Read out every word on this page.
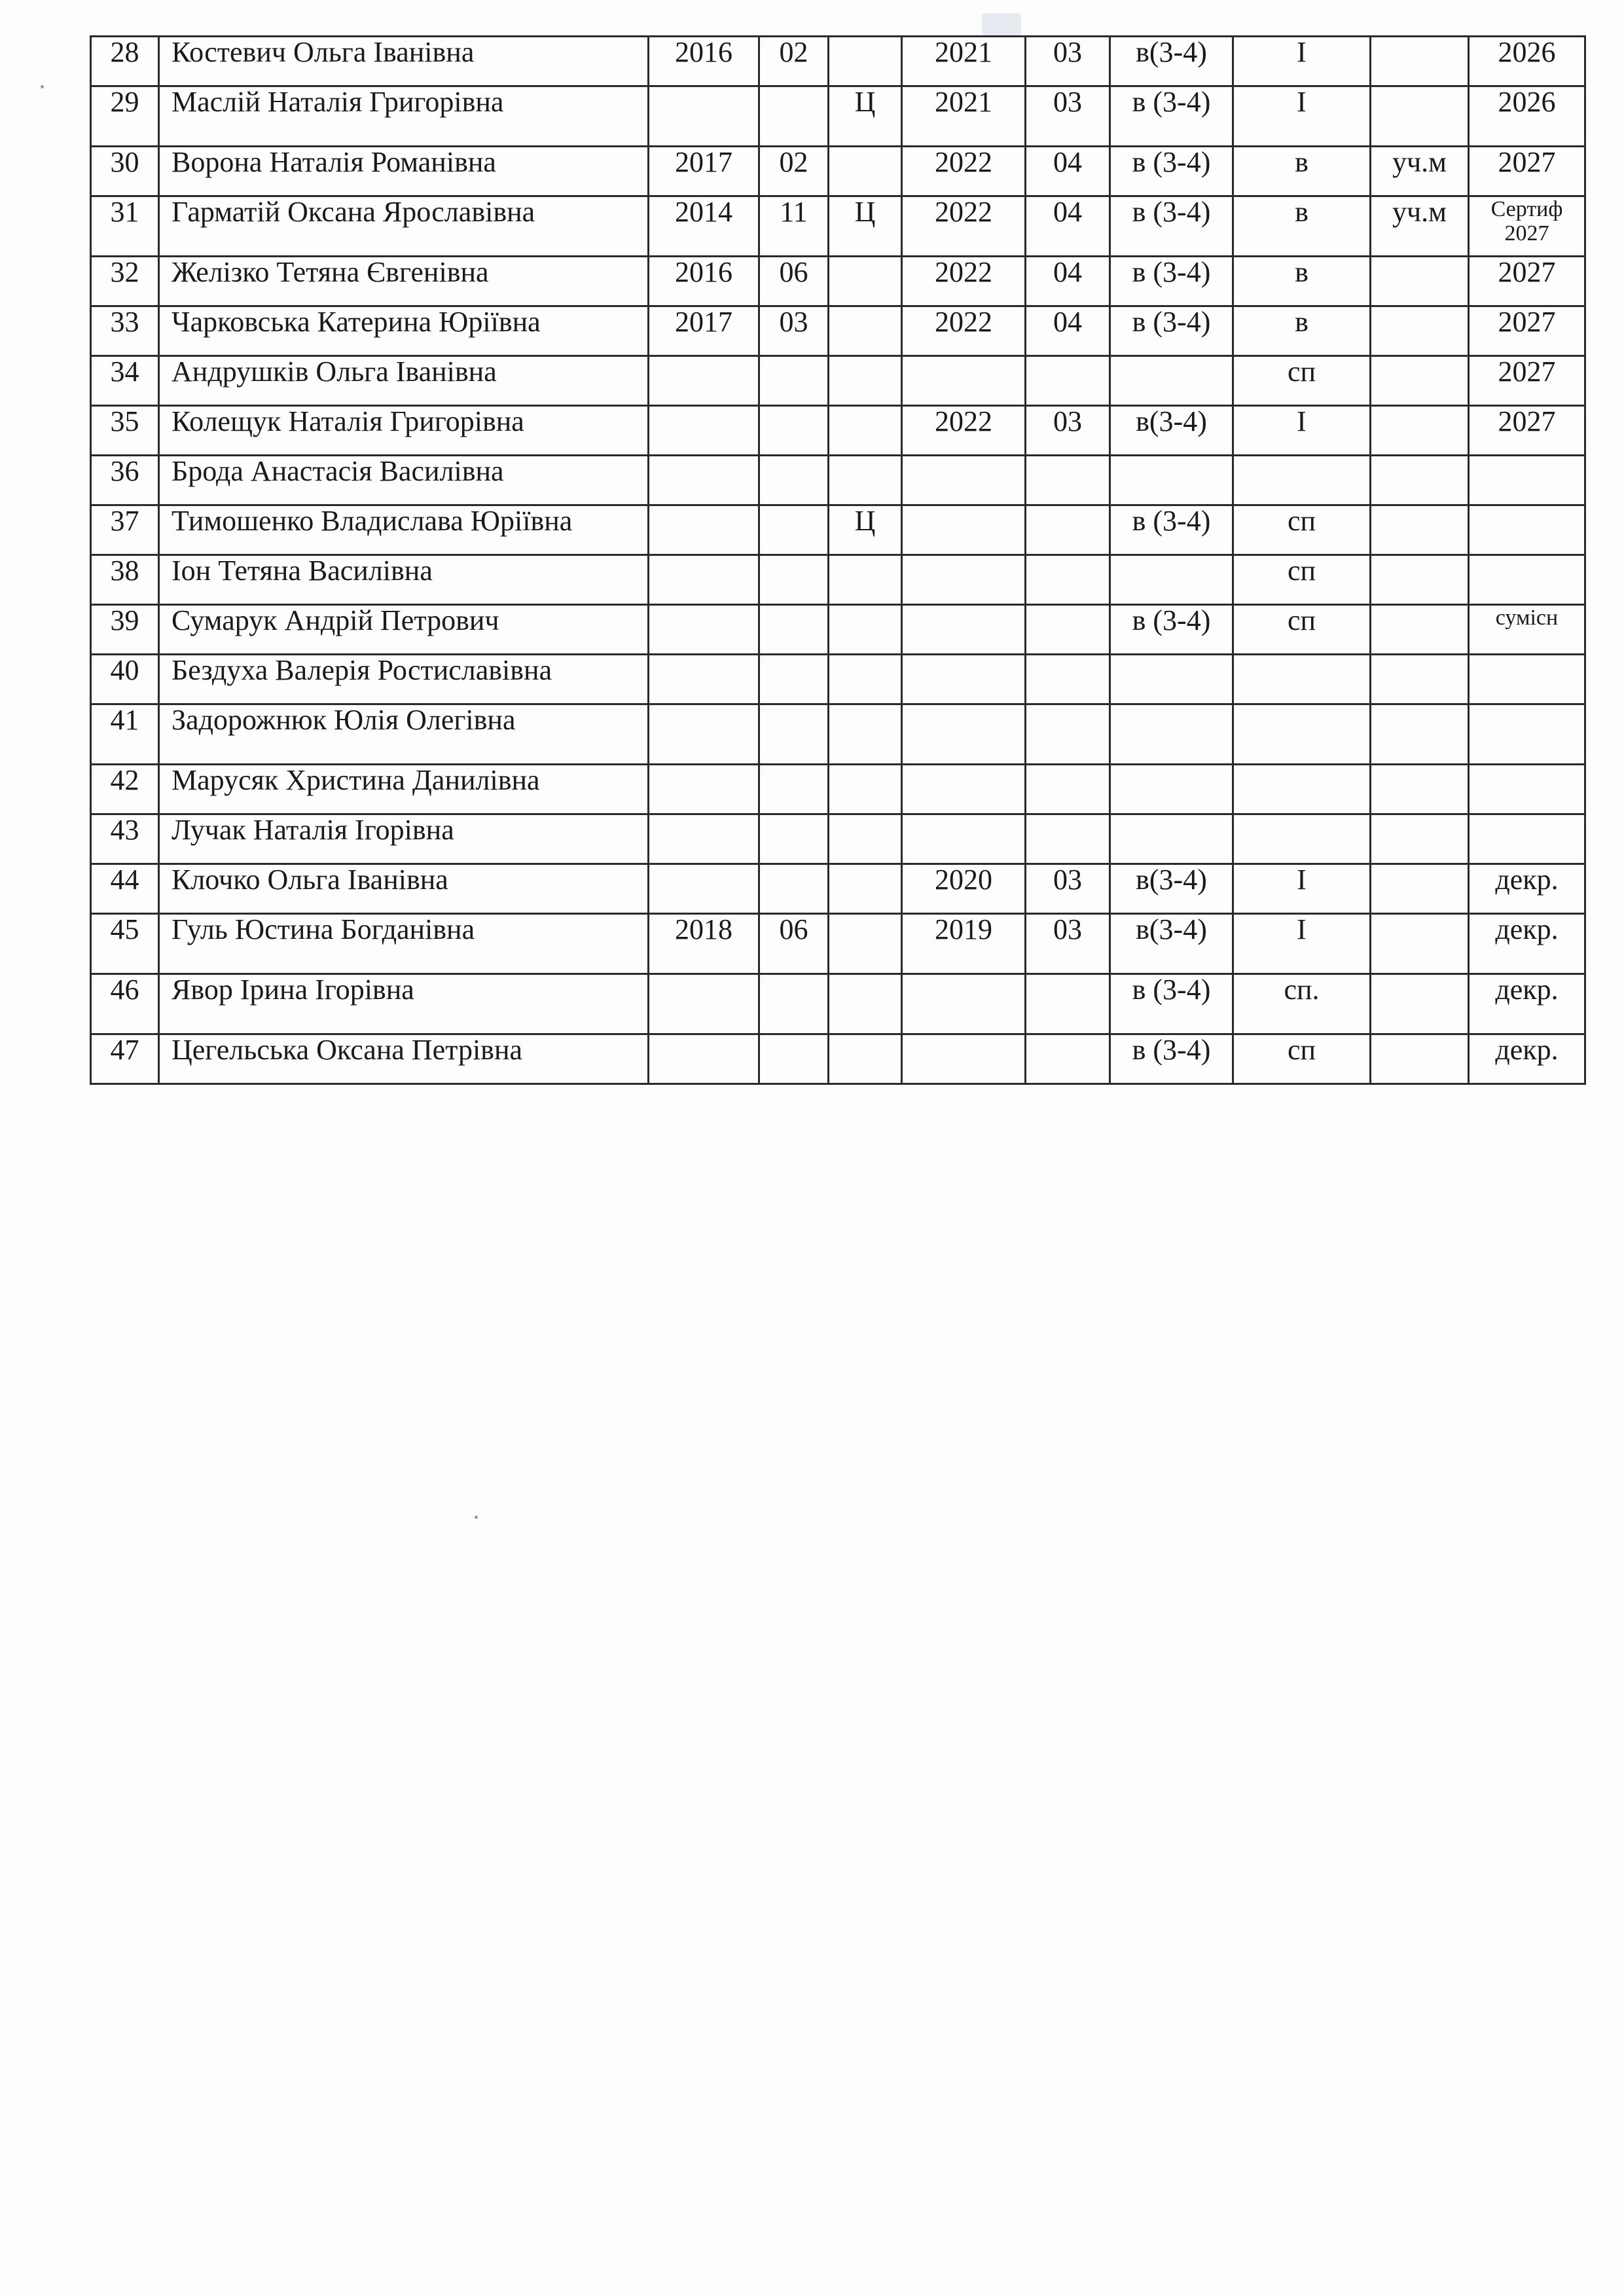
28	Костевич Ольга Іванівна	2016	02		2021	03	в(3-4)	І		2026
29	Маслій Наталія Григорівна			Ц	2021	03	в (3-4)	І		2026
30	Ворона Наталія Романівна	2017	02		2022	04	в (3-4)	в	уч.м	2027
31	Гарматій Оксана Ярославівна	2014	11	Ц	2022	04	в (3-4)	в	уч.м	Сертиф 2027
32	Желізко Тетяна Євгенівна	2016	06		2022	04	в (3-4)	в		2027
33	Чарковська Катерина Юріївна	2017	03		2022	04	в (3-4)	в		2027
34	Андрушків Ольга Іванівна							сп		2027
35	Колещук Наталія Григорівна				2022	03	в(3-4)	І		2027
36	Брода Анастасія Василівна									
37	Тимошенко Владислава Юріївна			Ц			в (3-4)	сп		
38	Іон Тетяна Василівна							сп		
39	Сумарук Андрій Петрович						в (3-4)	сп		сумісн
40	Бездуха Валерія Ростиславівна									
41	Задорожнюк Юлія Олегівна									
42	Марусяк Христина Данилівна									
43	Лучак Наталія Ігорівна									
44	Клочко Ольга Іванівна				2020	03	в(3-4)	І		декр.
45	Гуль Юстина Богданівна	2018	06		2019	03	в(3-4)	І		декр.
46	Явор Ірина Ігорівна						в (3-4)	сп.		декр.
47	Цегельська Оксана Петрівна						в (3-4)	сп		декр.
